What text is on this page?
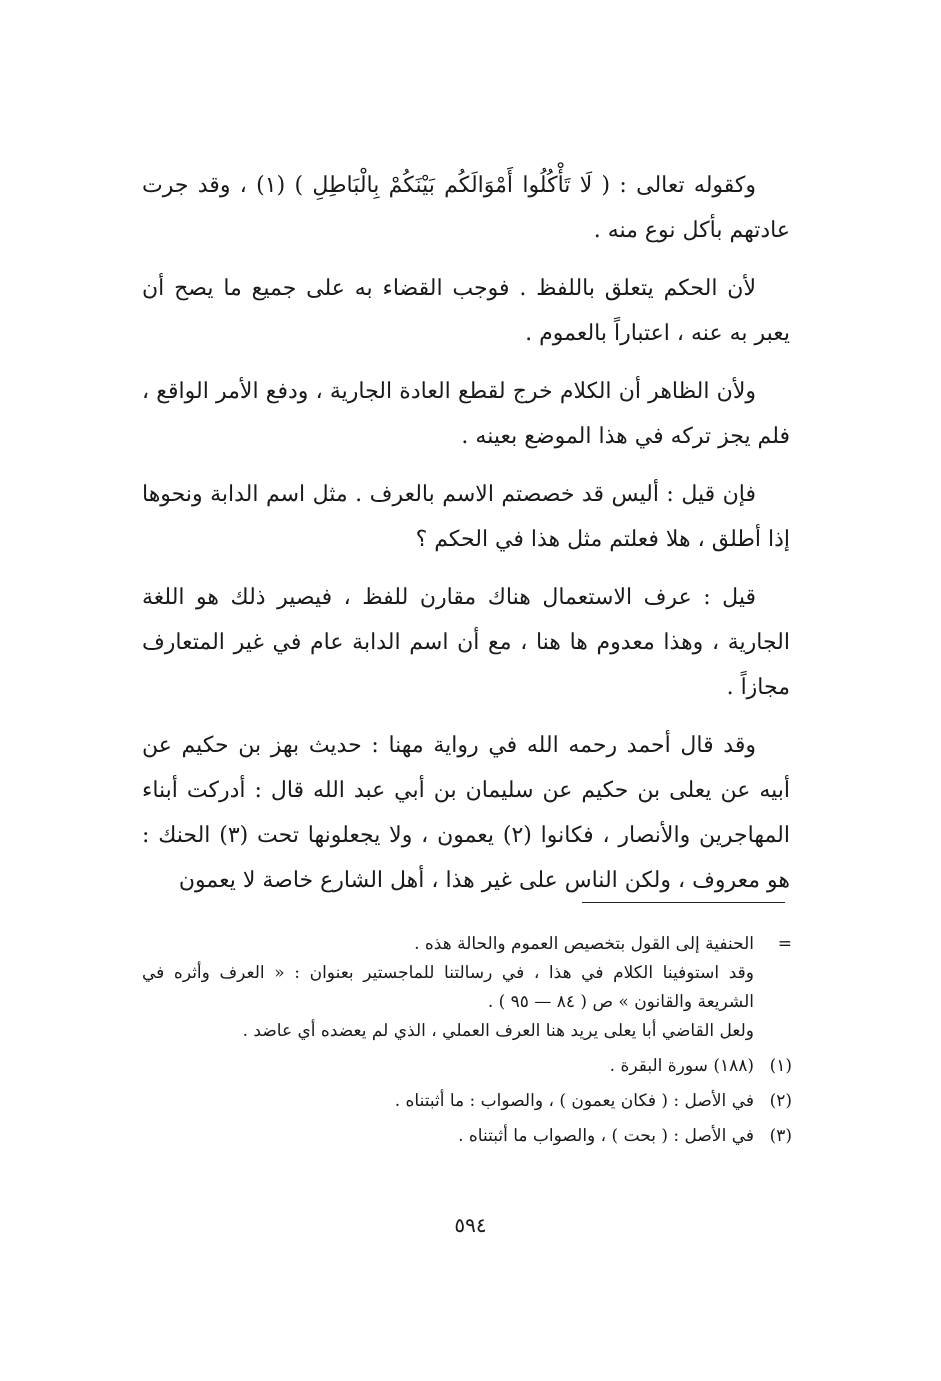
وكقوله تعالى : ( لَا تَأْكُلُوا أَمْوَالَكُم بَيْنَكُمْ بِالْبَاطِلِ ) (١) ، وقد جرت عادتهم بأكل نوع منه .

لأن الحكم يتعلق باللفظ . فوجب القضاء به على جميع ما يصح أن يعبر به عنه ، اعتباراً بالعموم .

ولأن الظاهر أن الكلام خرج لقطع العادة الجارية ، ودفع الأمر الواقع ، فلم يجز تركه في هذا الموضع بعينه .

فإن قيل : أليس قد خصصتم الاسم بالعرف . مثل اسم الدابة ونحوها إذا أطلق ، هلا فعلتم مثل هذا في الحكم ؟

قيل : عرف الاستعمال هناك مقارن للفظ ، فيصير ذلك هو اللغة الجارية ، وهذا معدوم ها هنا ، مع أن اسم الدابة عام في غير المتعارف مجازاً .

وقد قال أحمد رحمه الله في رواية مهنا : حديث بهز بن حكيم عن أبيه عن يعلى بن حكيم عن سليمان بن أبي عبد الله قال : أدركت أبناء المهاجرين والأنصار ، فكانوا (٢) يعمون ، ولا يجعلونها تحت (٣) الحنك : هو معروف ، ولكن الناس على غير هذا ، أهل الشارع خاصة لا يعمون

=
الحنفية إلى القول بتخصيص العموم والحالة هذه .
وقد استوفينا الكلام في هذا ، في رسالتنا للماجستير بعنوان : « العرف وأثره في الشريعة والقانون » ص ( ٨٤ — ٩٥ ) .
ولعل القاضي أبا يعلى يريد هنا العرف العملي ، الذي لم يعضده أي عاضد .
(١)
(١٨٨) سورة البقرة .
(٢)
في الأصل : ( فكان يعمون ) ، والصواب : ما أثبتناه .
(٣)
في الأصل : ( بحت ) ، والصواب ما أثبتناه .
٥٩٤
